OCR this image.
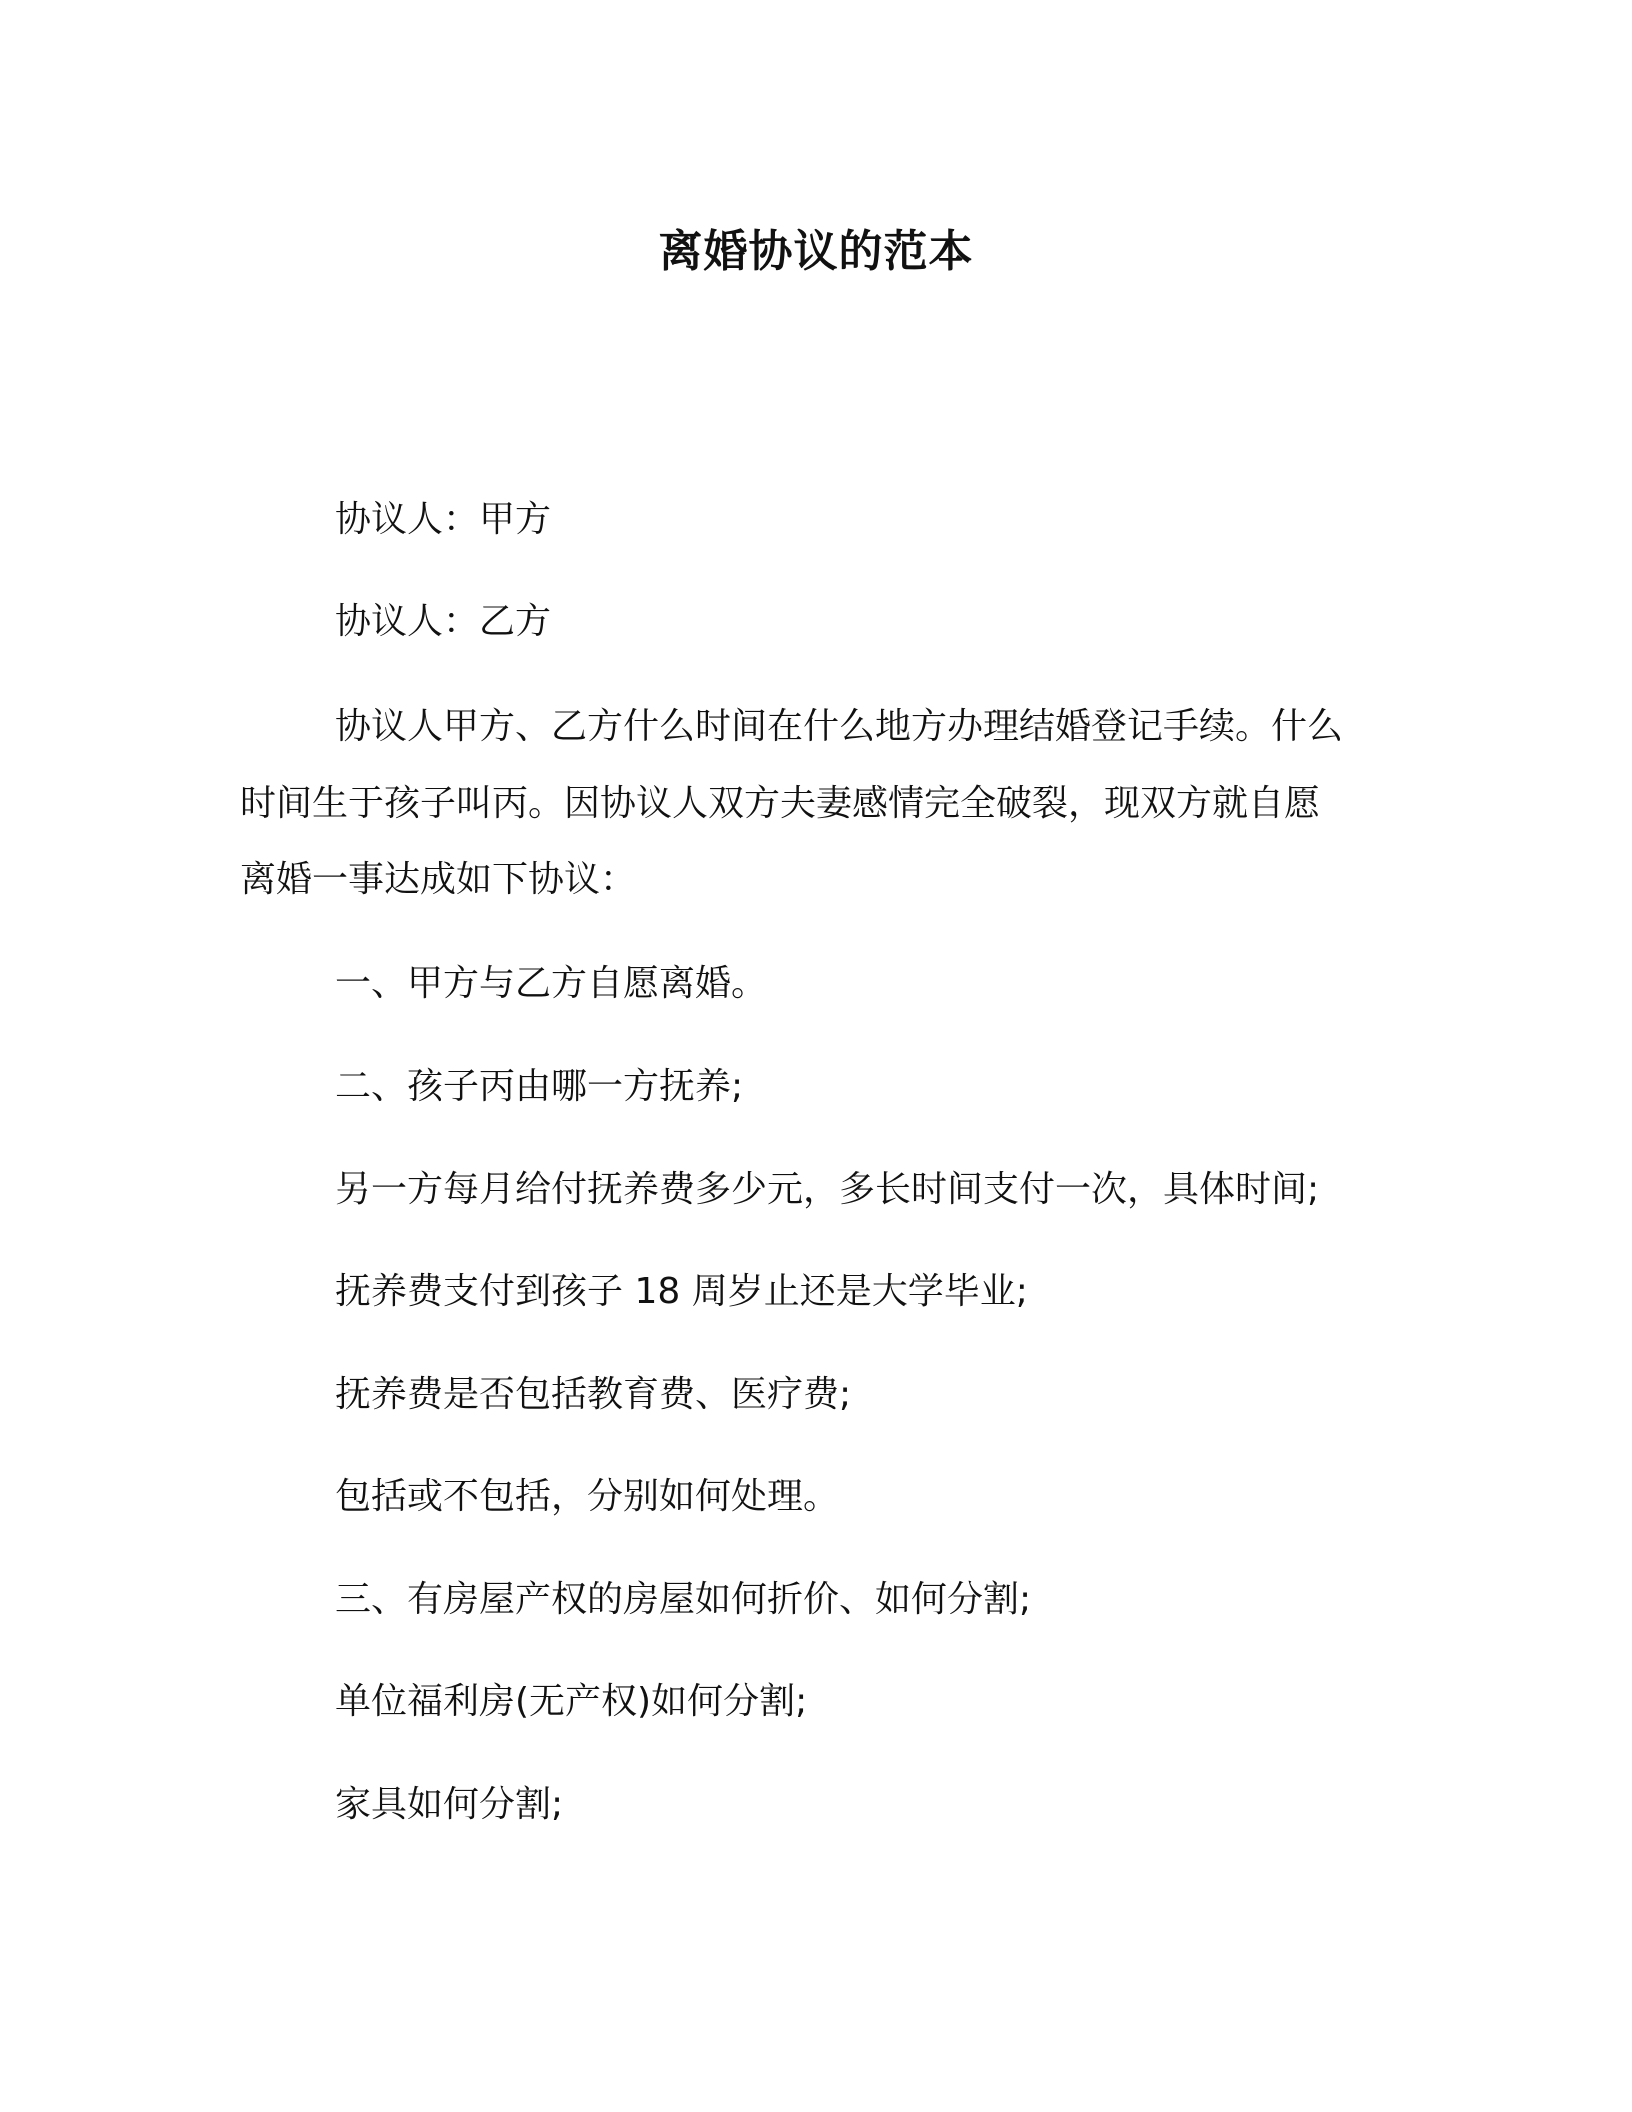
离婚协议的范本

协议人：甲方

协议人：乙方

协议人甲方、乙方什么时间在什么地方办理结婚登记手续。什么

时间生于孩子叫丙。因协议人双方夫妻感情完全破裂，现双方就自愿

离婚一事达成如下协议：

一、甲方与乙方自愿离婚。

二、孩子丙由哪一方抚养;

另一方每月给付抚养费多少元，多长时间支付一次，具体时间;

抚养费支付到孩子 18 周岁止还是大学毕业;

抚养费是否包括教育费、医疗费;

包括或不包括，分别如何处理。

三、有房屋产权的房屋如何折价、如何分割;

单位福利房(无产权)如何分割;

家具如何分割;
